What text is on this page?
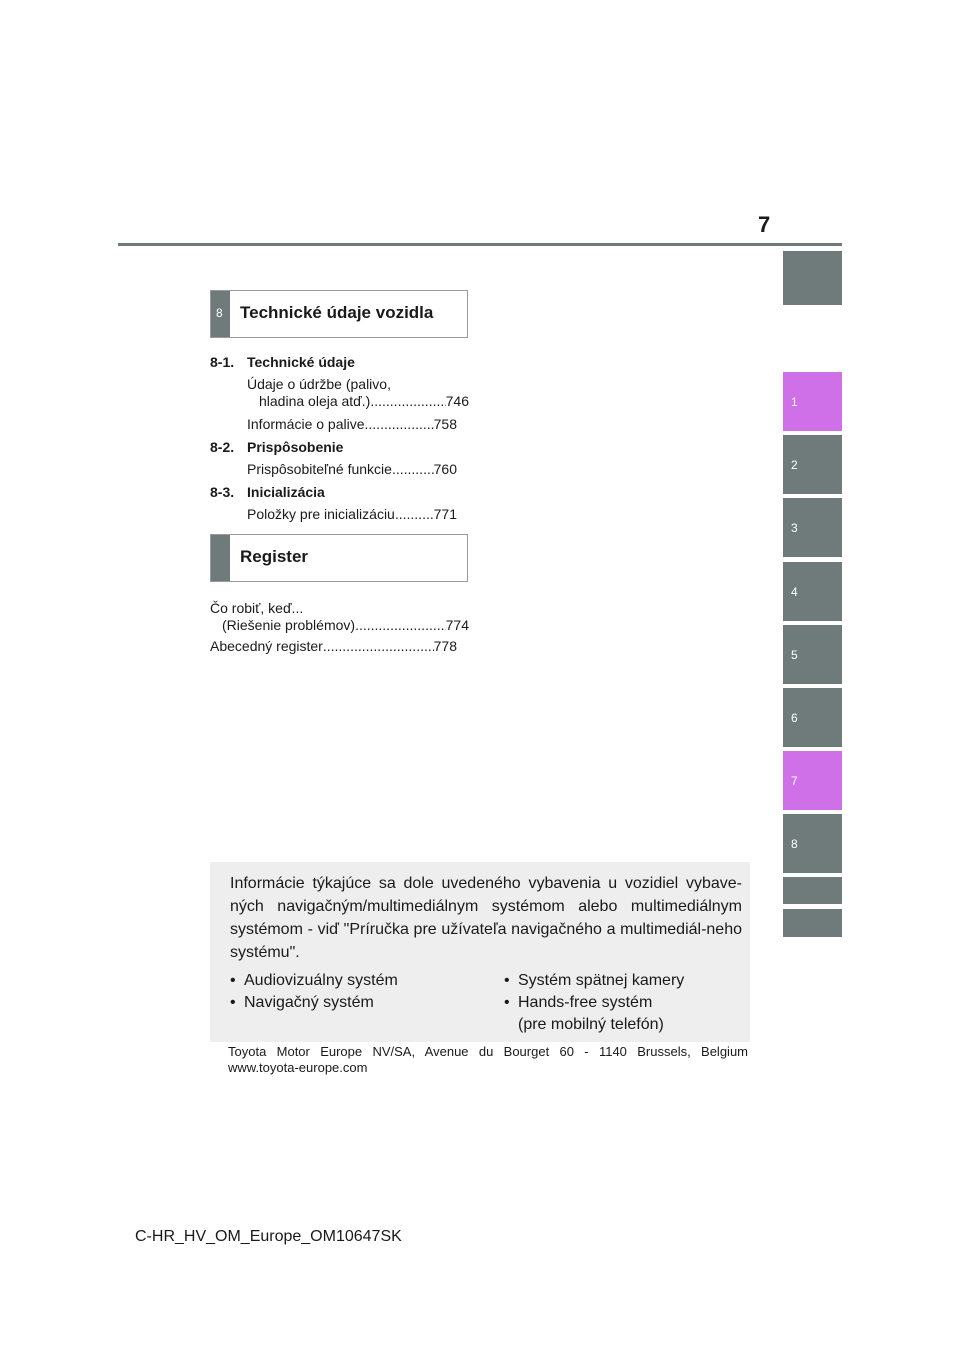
7
1
2
3
4
5
6
7
8
8 Technické údaje vozidla
8-1. Technické údaje
Údaje o údržbe (palivo,
hladina oleja atď.) .....	746
Informácie o palive .....	758
8-2. Prispôsobenie
Prispôsobiteľné funkcie .....	760
8-3. Inicializácia
Položky pre inicializáciu .....	771
Register
Čo robiť, keď...
(Riešenie problémov) .....	774
Abecedný register .....	778
Informácie týkajúce sa dole uvedeného vybavenia u vozidiel vybave-ných navigačným/multimediálnym systémom alebo multimediálnym systémom - viď "Príručka pre užívateľa navigačného a multimediál-neho systému".
• Audiovizuálny systém
• Navigačný systém
• Systém spätnej kamery
• Hands-free systém
(pre mobilný telefón)
Toyota Motor Europe NV/SA, Avenue du Bourget 60 - 1140 Brussels, Belgium www.toyota-europe.com
C-HR_HV_OM_Europe_OM10647SK
